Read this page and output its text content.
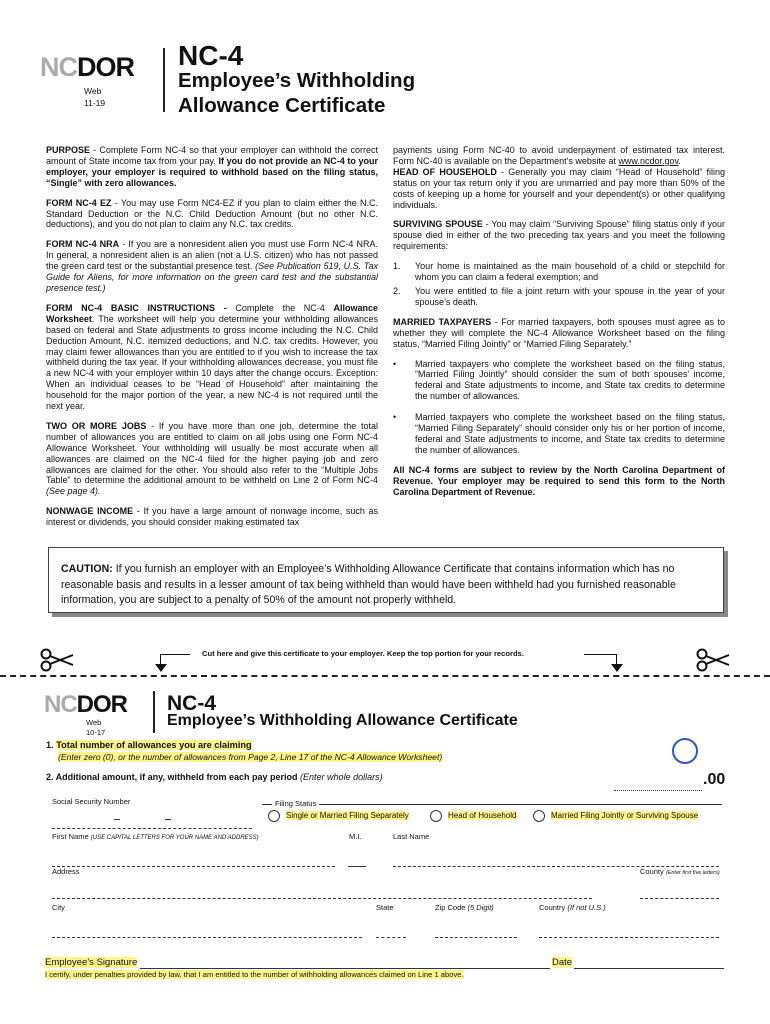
NCDOR
Web
11-19
NC-4
Employee’s Withholding
Allowance Certificate

PURPOSE - Complete Form NC-4 so that your employer can withhold the correct amount of State income tax from your pay. If you do not provide an NC-4 to your employer, your employer is required to withhold based on the filing status, “Single” with zero allowances.

FORM NC-4 EZ - You may use Form NC4-EZ if you plan to claim either the N.C. Standard Deduction or the N.C. Child Deduction Amount (but no other N.C. deductions), and you do not plan to claim any N.C. tax credits.

FORM NC-4 NRA - If you are a nonresident alien you must use Form NC-4 NRA. In general, a nonresident alien is an alien (not a U.S. citizen) who has not passed the green card test or the substantial presence test. (See Publication 519, U.S. Tax Guide for Aliens, for more information on the green card test and the substantial presence test.)

FORM NC-4 BASIC INSTRUCTIONS - Complete the NC-4 Allowance Worksheet. The worksheet will help you determine your withholding allowances based on federal and State adjustments to gross income including the N.C. Child Deduction Amount, N.C. itemized deductions, and N.C. tax credits. However, you may claim fewer allowances than you are entitled to if you wish to increase the tax withheld during the tax year. If your withholding allowances decrease, you must file a new NC-4 with your employer within 10 days after the change occurs. Exception: When an individual ceases to be “Head of Household” after maintaining the household for the major portion of the year, a new NC-4 is not required until the next year.

TWO OR MORE JOBS - If you have more than one job, determine the total number of allowances you are entitled to claim on all jobs using one Form NC-4 Allowance Worksheet. Your withholding will usually be most accurate when all allowances are claimed on the NC-4 filed for the higher paying job and zero allowances are claimed for the other. You should also refer to the “Multiple Jobs Table” to determine the additional amount to be withheld on Line 2 of Form NC-4 (See page 4).

NONWAGE INCOME - If you have a large amount of nonwage income, such as interest or dividends, you should consider making estimated tax

payments using Form NC-40 to avoid underpayment of estimated tax interest. Form NC-40 is available on the Department’s website at www.ncdor.gov.

HEAD OF HOUSEHOLD - Generally you may claim “Head of Household” filing status on your tax return only if you are unmarried and pay more than 50% of the costs of keeping up a home for yourself and your dependent(s) or other qualifying individuals.

SURVIVING SPOUSE - You may claim “Surviving Spouse” filing status only if your spouse died in either of the two preceding tax years and you meet the following requirements:

1. Your home is maintained as the main household of a child or stepchild for whom you can claim a federal exemption; and
2. You were entitled to file a joint return with your spouse in the year of your spouse’s death.

MARRIED TAXPAYERS - For married taxpayers, both spouses must agree as to whether they will complete the NC-4 Allowance Worksheet based on the filing status, “Married Filing Jointly” or “Married Filing Separately.”

• Married taxpayers who complete the worksheet based on the filing status, “Married Filing Jointly” should consider the sum of both spouses’ income, federal and State adjustments to income, and State tax credits to determine the number of allowances.
• Married taxpayers who complete the worksheet based on the filing status, “Married Filing Separately” should consider only his or her portion of income, federal and State adjustments to income, and State tax credits to determine the number of allowances.

All NC-4 forms are subject to review by the North Carolina Department of Revenue. Your employer may be required to send this form to the North Carolina Department of Revenue.

CAUTION: If you furnish an employer with an Employee’s Withholding Allowance Certificate that contains information which has no reasonable basis and results in a lesser amount of tax being withheld than would have been withheld had you furnished reasonable information, you are subject to a penalty of 50% of the amount not properly withheld.
Cut here and give this certificate to your employer. Keep the top portion for your records.
NCDOR
Web
10-17
NC-4
Employee’s Withholding Allowance Certificate
1. Total number of allowances you are claiming
(Enter zero (0), or the number of allowances from Page 2, Line 17 of the NC-4 Allowance Worksheet)
2. Additional amount, if any, withheld from each pay period (Enter whole dollars)	.00
Social Security Number	Filing Status
Single or Married Filing Separately	Head of Household	Married Filing Jointly or Surviving Spouse
First Name (USE CAPITAL LETTERS FOR YOUR NAME AND ADDRESS)	M.I.	Last Name
Address	County (Enter first five letters)
City	State	Zip Code (5 Digit)	Country (If not U.S.)
Employee’s Signature	Date
I certify, under penalties provided by law, that I am entitled to the number of withholding allowances claimed on Line 1 above.
